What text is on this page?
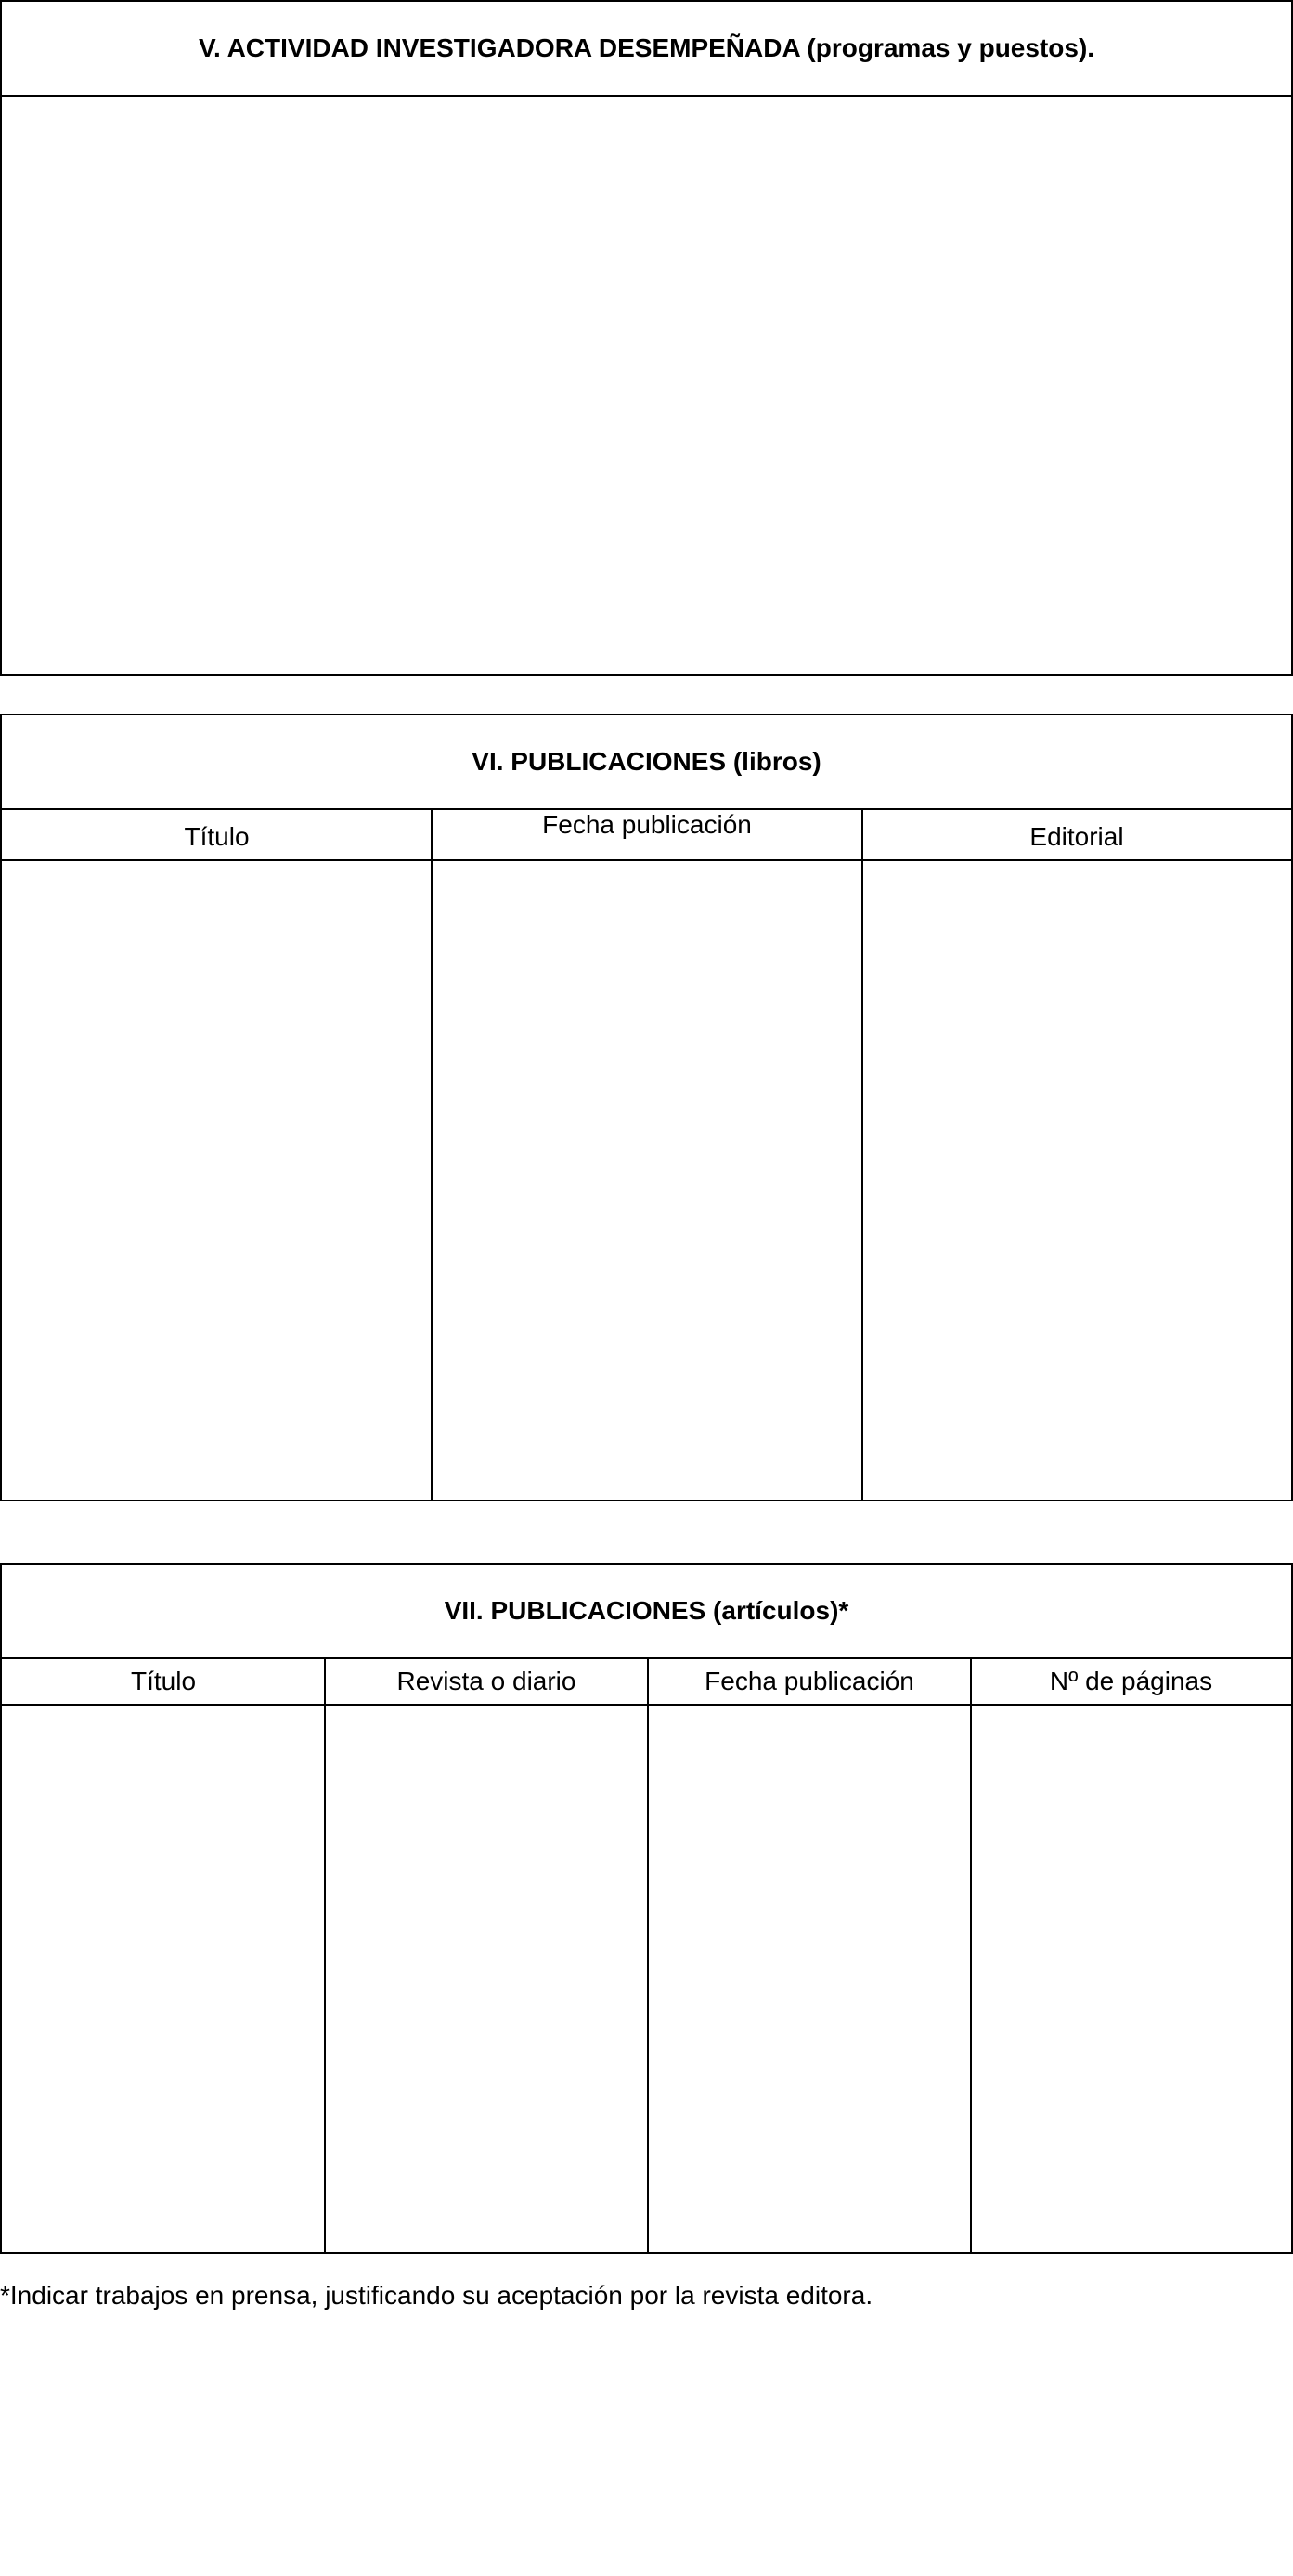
V. ACTIVIDAD INVESTIGADORA DESEMPEÑADA (programas y puestos).
VI. PUBLICACIONES (libros)
Título	Fecha publicación	Editorial
VII. PUBLICACIONES (artículos)*
Título	Revista o diario	Fecha publicación	Nº de páginas
*Indicar trabajos en prensa, justificando su aceptación por la revista editora.
